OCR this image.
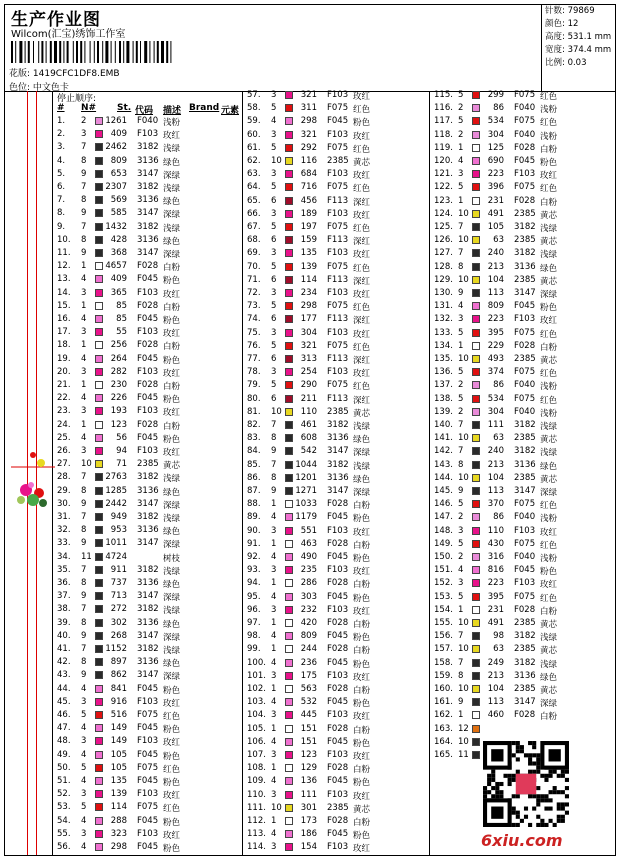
生产作业图
Wilcom(汇宝)绣饰工作室
花版: 1419CFC1DF8.EMB
色位: 中文色卡
针数: 79869
颜色: 12
高度: 531.1 mm
宽度: 374.4 mm
比例: 0.03
停止顺序:
# N# St. 代码 描述 Brand 元素
1. 2	1261 F040 浅粉
2. 3	409 F103 玫红
3. 7	2462 3182 浅绿
4. 8	809 3136 绿色
5. 9	653 3147 深绿
6. 7	2307 3182 浅绿
7. 8	569 3136 绿色
8. 9	585 3147 深绿
9. 7	1432 3182 浅绿
10. 8	428 3136 绿色
11. 9	368 3147 深绿
12. 1	4657 F028 白粉
13. 4	409 F045 粉色
14. 3	365 F103 玫红
15. 1	85 F028 白粉
16. 4	85 F045 粉色
17. 3	55 F103 玫红
18. 1	256 F028 白粉
19. 4	264 F045 粉色
20. 3	282 F103 玫红
21. 1	230 F028 白粉
22. 4	226 F045 粉色
23. 3	193 F103 玫红
24. 1	123 F028 白粉
25. 4	56 F045 粉色
26. 3	94 F103 玫红
27. 10	71 2385 黄芯
28. 7	2763 3182 浅绿
29. 8	1285 3136 绿色
30. 9	2442 3147 深绿
31. 7	949 3182 浅绿
32. 8	953 3136 绿色
33. 9	1011 3147 深绿
34. 11	4724	树枝
35. 7	911 3182 浅绿
36. 8	737 3136 绿色
37. 9	713 3147 深绿
38. 7	272 3182 浅绿
39. 8	302 3136 绿色
40. 9	268 3147 深绿
41. 7	1152 3182 浅绿
42. 8	897 3136 绿色
43. 9	862 3147 深绿
44. 4	841 F045 粉色
45. 3	916 F103 玫红
46. 5	516 F075 红色
47. 4	149 F045 粉色
48. 3	149 F103 玫红
49. 4	105 F045 粉色
50. 5	105 F075 红色
51. 4	135 F045 粉色
52. 3	139 F103 玫红
53. 5	114 F075 红色
54. 4	288 F045 粉色
55. 3	323 F103 玫红
56. 4	298 F045 粉色
57. 3	321 F103 玫红
58. 5	311 F075 红色
59. 4	298 F045 粉色
60. 3	321 F103 玫红
61. 5	292 F075 红色
62. 10	116 2385 黄芯
63. 3	684 F103 玫红
64. 5	716 F075 红色
65. 6	456 F113 深红
66. 3	189 F103 玫红
67. 5	197 F075 红色
68. 6	159 F113 深红
69. 3	135 F103 玫红
70. 5	139 F075 红色
71. 6	114 F113 深红
72. 3	234 F103 玫红
73. 5	298 F075 红色
74. 6	177 F113 深红
75. 3	304 F103 玫红
76. 5	321 F075 红色
77. 6	313 F113 深红
78. 3	254 F103 玫红
79. 5	290 F075 红色
80. 6	211 F113 深红
81. 10	110 2385 黄芯
82. 7	461 3182 浅绿
83. 8	608 3136 绿色
84. 9	542 3147 深绿
85. 7	1044 3182 浅绿
86. 8	1201 3136 绿色
87. 9	1271 3147 深绿
88. 1	1033 F028 白粉
89. 4	1179 F045 粉色
90. 3	551 F103 玫红
91. 1	463 F028 白粉
92. 4	490 F045 粉色
93. 3	235 F103 玫红
94. 1	286 F028 白粉
95. 4	303 F045 粉色
96. 3	232 F103 玫红
97. 1	420 F028 白粉
98. 4	809 F045 粉色
99. 1	244 F028 白粉
100. 4	236 F045 粉色
101. 3	175 F103 玫红
102. 1	563 F028 白粉
103. 4	532 F045 粉色
104. 3	445 F103 玫红
105. 1	151 F028 白粉
106. 4	151 F045 粉色
107. 3	123 F103 玫红
108. 1	129 F028 白粉
109. 4	136 F045 粉色
110. 3	111 F103 玫红
111. 10	301 2385 黄芯
112. 1	173 F028 白粉
113. 4	186 F045 粉色
114. 3	154 F103 玫红
115. 5	299 F075 红色
116. 2	86 F040 浅粉
117. 5	534 F075 红色
118. 2	304 F040 浅粉
119. 1	125 F028 白粉
120. 4	690 F045 粉色
121. 3	223 F103 玫红
122. 5	396 F075 红色
123. 1	231 F028 白粉
124. 10	491 2385 黄芯
125. 7	105 3182 浅绿
126. 10	63 2385 黄芯
127. 7	240 3182 浅绿
128. 8	213 3136 绿色
129. 10	104 2385 黄芯
130. 9	113 3147 深绿
131. 4	809 F045 粉色
132. 3	223 F103 玫红
133. 5	395 F075 红色
134. 1	229 F028 白粉
135. 10	493 2385 黄芯
136. 5	374 F075 红色
137. 2	86 F040 浅粉
138. 5	534 F075 红色
139. 2	304 F040 浅粉
140. 7	111 3182 浅绿
141. 10	63 2385 黄芯
142. 7	240 3182 浅绿
143. 8	213 3136 绿色
144. 10	104 2385 黄芯
145. 9	113 3147 深绿
146. 5	370 F075 红色
147. 2	86 F040 浅粉
148. 3	110 F103 玫红
149. 5	430 F075 红色
150. 2	316 F040 浅粉
151. 4	816 F045 粉色
152. 3	223 F103 玫红
153. 5	395 F075 红色
154. 1	231 F028 白粉
155. 10	491 2385 黄芯
156. 7	98 3182 浅绿
157. 10	63 2385 黄芯
158. 7	249 3182 浅绿
159. 8	213 3136 绿色
160. 10	104 2385 黄芯
161. 9	113 3147 深绿
162. 1	460 F028 白粉
163. 12
164. 10
165. 11
6xiu.com
